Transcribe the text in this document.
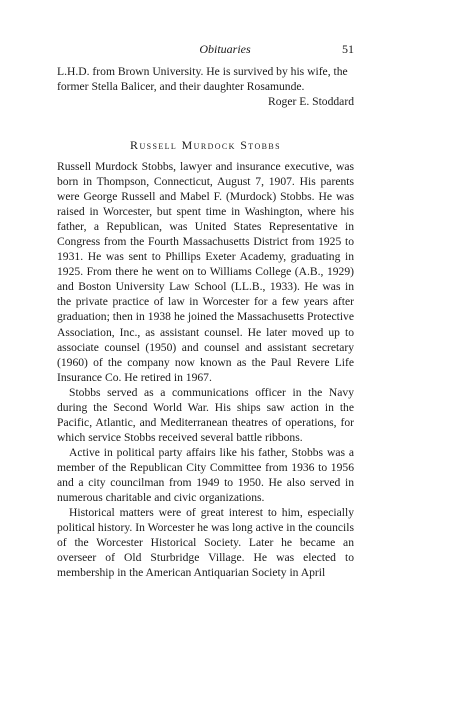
Obituaries	51

L.H.D. from Brown University. He is survived by his wife, the former Stella Balicer, and their daughter Rosamunde.

Roger E. Stoddard
Russell Murdock Stobbs

Russell Murdock Stobbs, lawyer and insurance executive, was born in Thompson, Connecticut, August 7, 1907. His parents were George Russell and Mabel F. (Murdock) Stobbs. He was raised in Worcester, but spent time in Washington, where his father, a Republican, was United States Representative in Congress from the Fourth Massachusetts District from 1925 to 1931. He was sent to Phillips Exeter Academy, graduating in 1925. From there he went on to Williams College (A.B., 1929) and Boston University Law School (LL.B., 1933). He was in the private practice of law in Worcester for a few years after graduation; then in 1938 he joined the Massachusetts Protective Association, Inc., as assistant counsel. He later moved up to associate counsel (1950) and counsel and assistant secretary (1960) of the company now known as the Paul Revere Life Insurance Co. He retired in 1967.

Stobbs served as a communications officer in the Navy during the Second World War. His ships saw action in the Pacific, Atlantic, and Mediterranean theatres of operations, for which service Stobbs received several battle ribbons.

Active in political party affairs like his father, Stobbs was a member of the Republican City Committee from 1936 to 1956 and a city councilman from 1949 to 1950. He also served in numerous charitable and civic organizations.

Historical matters were of great interest to him, especially political history. In Worcester he was long active in the councils of the Worcester Historical Society. Later he became an overseer of Old Sturbridge Village. He was elected to membership in the American Antiquarian Society in April
